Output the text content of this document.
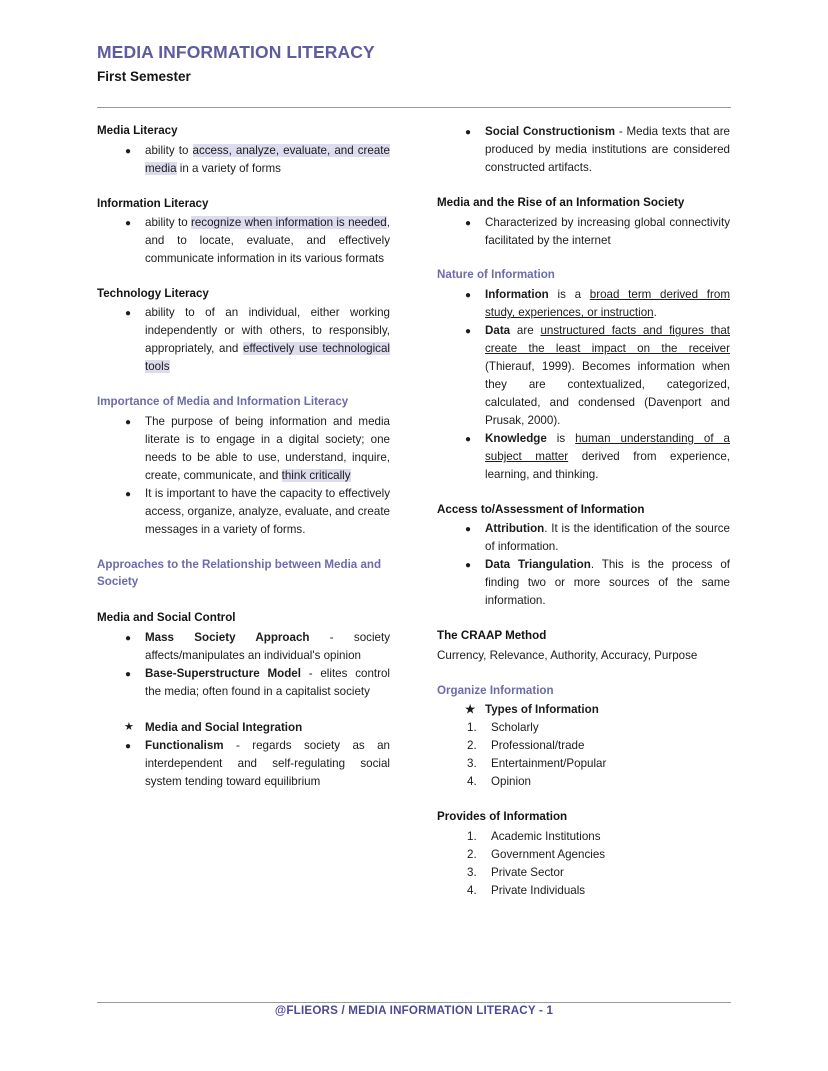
MEDIA INFORMATION LITERACY
First Semester
Media Literacy
●	ability to access, analyze, evaluate, and create media in a variety of forms
Information Literacy
●	ability to recognize when information is needed, and to locate, evaluate, and effectively communicate information in its various formats
Technology Literacy
●	ability to of an individual, either working independently or with others, to responsibly, appropriately, and effectively use technological tools
Importance of Media and Information Literacy
●	The purpose of being information and media literate is to engage in a digital society; one needs to be able to use, understand, inquire, create, communicate, and think critically
●	It is important to have the capacity to effectively access, organize, analyze, evaluate, and create messages in a variety of forms.
Approaches to the Relationship between Media and Society
Media and Social Control
●	Mass Society Approach - society affects/manipulates an individual's opinion
●	Base-Superstructure Model - elites control the media; often found in a capitalist society
★ Media and Social Integration
●	Functionalism - regards society as an interdependent and self-regulating social system tending toward equilibrium
●	Social Constructionism - Media texts that are produced by media institutions are considered constructed artifacts.
Media and the Rise of an Information Society
●	Characterized by increasing global connectivity facilitated by the internet
Nature of Information
●	Information is a broad term derived from study, experiences, or instruction.
●	Data are unstructured facts and figures that create the least impact on the receiver (Thierauf, 1999). Becomes information when they are contextualized, categorized, calculated, and condensed (Davenport and Prusak, 2000).
●	Knowledge is human understanding of a subject matter derived from experience, learning, and thinking.
Access to/Assessment of Information
●	Attribution. It is the identification of the source of information.
●	Data Triangulation. This is the process of finding two or more sources of the same information.
The CRAAP Method
Currency, Relevance, Authority, Accuracy, Purpose
Organize Information
★ Types of Information
1.	Scholarly
2.	Professional/trade
3.	Entertainment/Popular
4.	Opinion
Provides of Information
1.	Academic Institutions
2.	Government Agencies
3.	Private Sector
4.	Private Individuals
@FLIEORS / MEDIA INFORMATION LITERACY - 1
